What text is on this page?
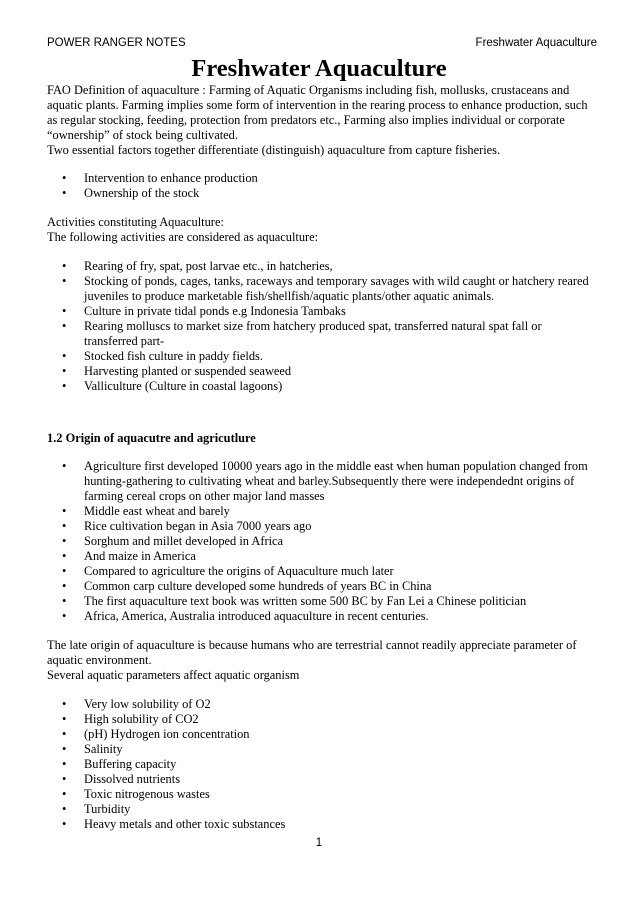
POWER RANGER NOTES	Freshwater Aquaculture
Freshwater Aquaculture

FAO Definition of aquaculture : Farming of Aquatic Organisms including fish, mollusks, crustaceans and aquatic plants. Farming implies some form of intervention in the rearing process to enhance production, such as regular stocking, feeding, protection from predators etc., Farming also implies individual or corporate “ownership” of stock being cultivated.

Two essential factors together differentiate (distinguish) aquaculture from capture fisheries.

• Intervention to enhance production
• Ownership of the stock

Activities constituting Aquaculture:

The following activities are considered as aquaculture:

• Rearing of fry, spat, post larvae etc., in hatcheries,
• Stocking of ponds, cages, tanks, raceways and temporary savages with wild caught or hatchery reared juveniles to produce marketable fish/shellfish/aquatic plants/other aquatic animals.
• Culture in private tidal ponds e.g Indonesia Tambaks
• Rearing molluscs to market size from hatchery produced spat, transferred natural spat fall or transferred part-
• Stocked fish culture in paddy fields.
• Harvesting planted or suspended seaweed
• Valliculture (Culture in coastal lagoons)

1.2 Origin of aquacutre and agricutlure

• Agriculture first developed 10000 years ago in the middle east when human population changed from hunting-gathering to cultivating wheat and barley.Subsequently there were independednt origins of farming cereal crops on other major land masses
• Middle east wheat and barely
• Rice cultivation began in Asia 7000 years ago
• Sorghum and millet developed in Africa
• And maize in America
• Compared to agriculture the origins of Aquaculture much later
• Common carp culture developed some hundreds of years BC in China
• The first aquaculture text book was written some 500 BC by Fan Lei a Chinese politician
• Africa, America, Australia introduced aquaculture in recent centuries.

The late origin of aquaculture is because humans who are terrestrial cannot readily appreciate parameter of aquatic environment.

Several aquatic parameters affect aquatic organism

• Very low solubility of O2
• High solubility of CO2
• (pH) Hydrogen ion concentration
• Salinity
• Buffering capacity
• Dissolved nutrients
• Toxic nitrogenous wastes
• Turbidity
• Heavy metals and other toxic substances
1
